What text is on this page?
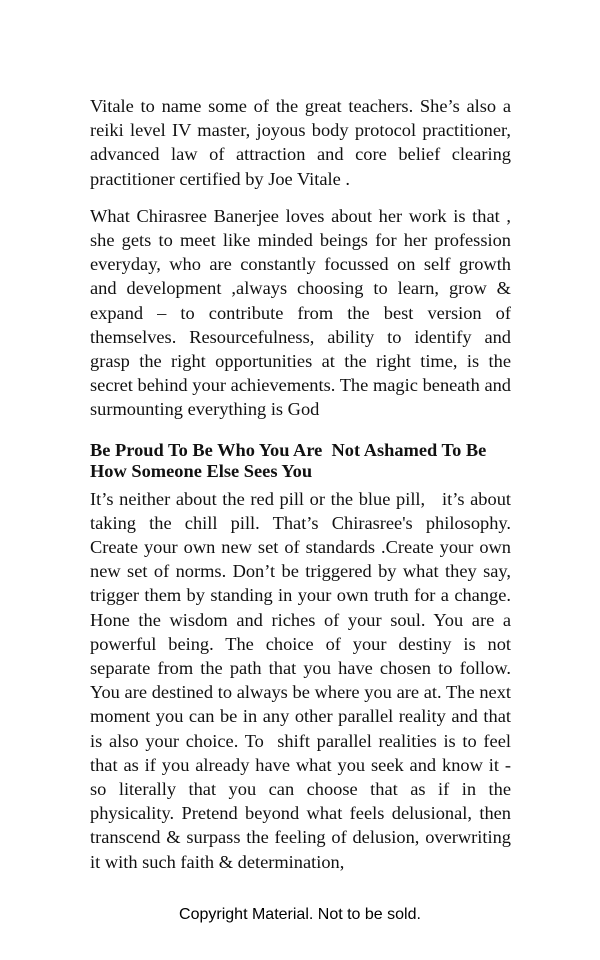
Vitale to name some of the great teachers. She’s also a reiki level IV master, joyous body protocol practitioner, advanced law of attraction and core belief clearing practitioner certified by Joe Vitale .

What Chirasree Banerjee loves about her work is that , she gets to meet like minded beings for her profession everyday, who are constantly focussed on self growth and development ,always choosing to learn, grow & expand – to contribute from the best version of themselves. Resourcefulness, ability to identify and grasp the right opportunities at the right time, is the secret behind your achievements. The magic beneath and surmounting everything is God

Be Proud To Be Who You Are  Not Ashamed To Be How Someone Else Sees You

It’s neither about the red pill or the blue pill,   it’s about taking the chill pill. That’s Chirasree's philosophy. Create your own new set of standards .Create your own new set of norms. Don’t be triggered by what they say, trigger them by standing in your own truth for a change. Hone the wisdom and riches of your soul. You are a powerful being. The choice of your destiny is not separate from the path that you have chosen to follow. You are destined to always be where you are at. The next moment you can be in any other parallel reality and that is also your choice. To  shift parallel realities is to feel that as if you already have what you seek and know it - so literally that you can choose that as if in the physicality. Pretend beyond what feels delusional, then transcend & surpass the feeling of delusion, overwriting it with such faith & determination,

Copyright Material. Not to be sold.
